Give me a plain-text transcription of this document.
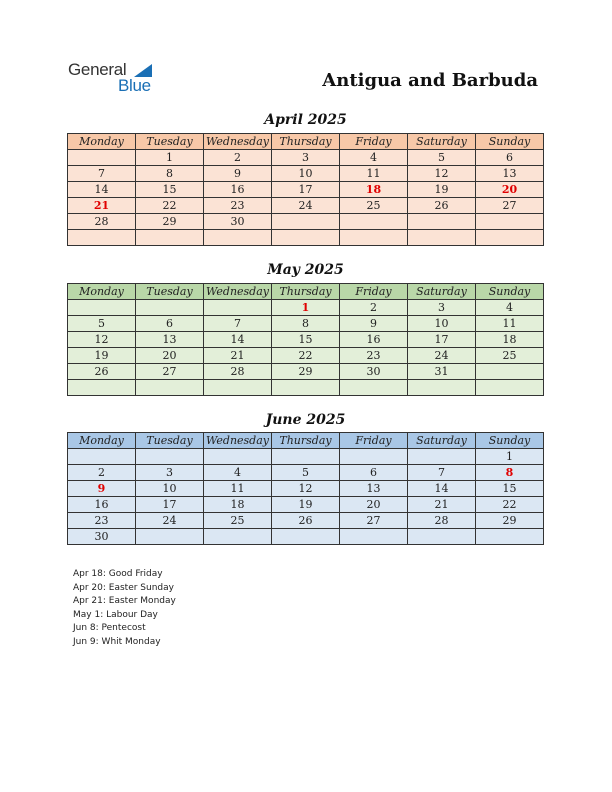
General
Blue	Antigua and Barbuda
April 2025
Monday	Tuesday	Wednesday	Thursday	Friday	Saturday	Sunday
	1	2	3	4	5	6
7	8	9	10	11	12	13
14	15	16	17	18	19	20
21	22	23	24	25	26	27
28	29	30				

May 2025
Monday	Tuesday	Wednesday	Thursday	Friday	Saturday	Sunday
			1	2	3	4
5	6	7	8	9	10	11
12	13	14	15	16	17	18
19	20	21	22	23	24	25
26	27	28	29	30	31	

June 2025
Monday	Tuesday	Wednesday	Thursday	Friday	Saturday	Sunday
						1
2	3	4	5	6	7	8
9	10	11	12	13	14	15
16	17	18	19	20	21	22
23	24	25	26	27	28	29
30						
Apr 18: Good Friday
Apr 20: Easter Sunday
Apr 21: Easter Monday
May 1: Labour Day
Jun 8: Pentecost
Jun 9: Whit Monday
